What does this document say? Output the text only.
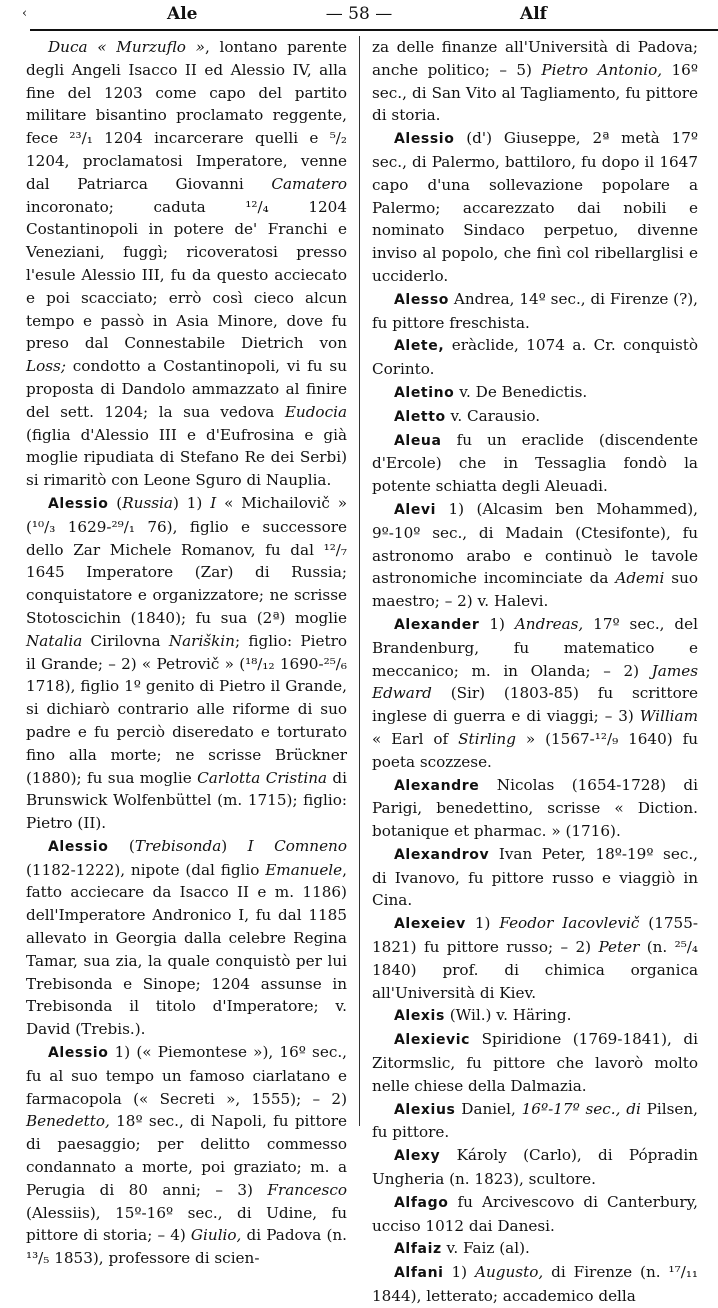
‹	Ale	— 58 —	Alf

Duca « Murzuflo », lontano parente degli Angeli Isacco II ed Alessio IV, alla fine del 1203 come capo del partito militare bisantino proclamato reggente, fece ²³/₁ 1204 incarcerare quelli e ⁵/₂ 1204, proclamatosi Imperatore, venne dal Patriarca Giovanni Camatero incoronato; caduta ¹²/₄ 1204 Costantinopoli in potere de' Franchi e Veneziani, fuggì; ricoveratosi presso l'esule Alessio III, fu da questo acciecato e poi scacciato; errò così cieco alcun tempo e passò in Asia Minore, dove fu preso dal Connestabile Dietrich von Loss; condotto a Costantinopoli, vi fu su proposta di Dandolo ammazzato al finire del sett. 1204; la sua vedova Eudocia (figlia d'Alessio III e d'Eufrosina e già moglie ripudiata di Stefano Re dei Serbi) si rimaritò con Leone Sguro di Nauplia.

Alessio (Russia) 1) I « Michailovič » (¹⁰/₃ 1629-²⁹/₁ 76), figlio e successore dello Zar Michele Romanov, fu dal ¹²/₇ 1645 Imperatore (Zar) di Russia; conquistatore e organizzatore; ne scrisse Stotoscichin (1840); fu sua (2ª) moglie Natalia Cirilovna Nariškin; figlio: Pietro il Grande; – 2) « Petrovič » (¹⁸/₁₂ 1690-²⁵/₆ 1718), figlio 1º genito di Pietro il Grande, si dichiarò contrario alle riforme di suo padre e fu perciò diseredato e torturato fino alla morte; ne scrisse Brückner (1880); fu sua moglie Carlotta Cristina di Brunswick Wolfenbüttel (m. 1715); figlio: Pietro (II).

Alessio (Trebisonda) I Comneno (1182-1222), nipote (dal figlio Emanuele, fatto acciecare da Isacco II e m. 1186) dell'Imperatore Andronico I, fu dal 1185 allevato in Georgia dalla celebre Regina Tamar, sua zia, la quale conquistò per lui Trebisonda e Sinope; 1204 assunse in Trebisonda il titolo d'Imperatore; v. David (Trebis.).

Alessio 1) (« Piemontese »), 16º sec., fu al suo tempo un famoso ciarlatano e farmacopola (« Secreti », 1555); – 2) Benedetto, 18º sec., di Napoli, fu pittore di paesaggio; per delitto commesso condannato a morte, poi graziato; m. a Perugia di 80 anni; – 3) Francesco (Alessiis), 15º-16º sec., di Udine, fu pittore di storia; – 4) Giulio, di Padova (n. ¹³/₅ 1853), professore di scien-

za delle finanze all'Università di Padova; anche politico; – 5) Pietro Antonio, 16º sec., di San Vito al Tagliamento, fu pittore di storia.

Alessio (d') Giuseppe, 2ª metà 17º sec., di Palermo, battiloro, fu dopo il 1647 capo d'una sollevazione popolare a Palermo; accarezzato dai nobili e nominato Sindaco perpetuo, divenne inviso al popolo, che finì col ribellarglisi e ucciderlo.

Alesso Andrea, 14º sec., di Firenze (?), fu pittore freschista.

Alete, eràclide, 1074 a. Cr. conquistò Corinto.

Aletino v. De Benedictis.

Aletto v. Carausio.

Aleua fu un eraclide (discendente d'Ercole) che in Tessaglia fondò la potente schiatta degli Aleuadi.

Alevi 1) (Alcasim ben Mohammed), 9º-10º sec., di Madain (Ctesifonte), fu astronomo arabo e continuò le tavole astronomiche incominciate da Ademi suo maestro; – 2) v. Halevi.

Alexander 1) Andreas, 17º sec., del Brandenburg, fu matematico e meccanico; m. in Olanda; – 2) James Edward (Sir) (1803-85) fu scrittore inglese di guerra e di viaggi; – 3) William « Earl of Stirling » (1567-¹²/₉ 1640) fu poeta scozzese.

Alexandre Nicolas (1654-1728) di Parigi, benedettino, scrisse « Diction. botanique et pharmac. » (1716).

Alexandrov Ivan Peter, 18º-19º sec., di Ivanovo, fu pittore russo e viaggiò in Cina.

Alexeiev 1) Feodor Iacovlevič (1755-1821) fu pittore russo; – 2) Peter (n. ²⁵/₄ 1840) prof. di chimica organica all'Università di Kiev.

Alexis (Wil.) v. Häring.

Alexievic Spiridione (1769-1841), di Zitormslic, fu pittore che lavorò molto nelle chiese della Dalmazia.

Alexius Daniel, 16º-17º sec., di Pilsen, fu pittore.

Alexy Károly (Carlo), di Pópradin Ungheria (n. 1823), scultore.

Alfago fu Arcivescovo di Canterbury, ucciso 1012 dai Danesi.

Alfaiz v. Faiz (al).

Alfani 1) Augusto, di Firenze (n. ¹⁷/₁₁ 1844), letterato; accademico della
